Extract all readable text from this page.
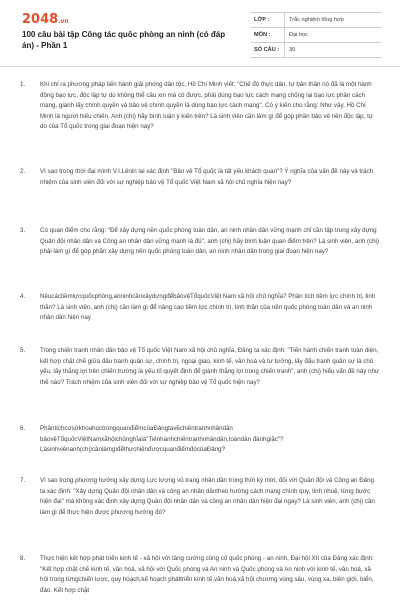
2048.vn
100 câu bài tập Công tác quốc phòng an ninh (có đáp án) - Phần 1
LỚP :	Trắc nghiệm tổng hợp
MÔN :	Đại học
SỐ CÂU :	30
1.	Khi chỉ ra phương pháp tiến hành giải phóng dân tộc, Hồ Chí Minh viết: "Chế độ thực dân, tự bản thân nó đã là một hành động bạo lực, độc lập tự do không thể cầu xin mà có được, phải dùng bạo lực cách mạng chống lại bạo lực phản cách mạng, giành lấy chính quyền và bảo vệ chính quyền là dùng bạo lực cách mạng". Có ý kiến cho rằng: Như vậy, Hồ Chí Minh là người hiếu chiến. Anh (chị) hãy bình luận ý kiến trên? Là sinh viên cần làm gì để góp phần bảo vệ nền độc lập, tự do của Tổ quốc trong giai đoạn hiện nay?
2.	Vì sao trong thời đại mình V.I.Lênin lại xác định "Bảo vệ Tổ quốc là tất yếu khách quan"? Ý nghĩa của vấn đề này và trách nhiệm của sinh viên đối với sự nghiệp bảo vệ Tổ quốc Việt Nam xã hội chủ nghĩa hiện nay?
3.	Có quan điểm cho rằng: "Để xây dựng nền quốc phòng toàn dân, an ninh nhân dân vững mạnh chỉ cần tập trung xây dựng Quân đội nhân dân và Công an nhân dân vững mạnh là đủ", anh (chị) hãy bình luận quan điểm trên? Là sinh viên, anh (chị) phải làm gì để góp phần xây dựng nền quốc phòng toàn dân, an ninh nhân dân trong giai đoạn hiện nay?
4.	Nêucáctiềmlựcquốcphòng,anninhcầnxâydựngđểbảovệTổquốcViệt Nam xã hội chủ nghĩa? Phân tích tiềm lực chính trị, tinh thần? Là sinh viên, anh (chị) cần làm gì để nâng cao tiềm lực chính trị, tinh thần của nền quốc phòng toàn dân và an ninh nhân dân hiện nay
5.	Trong chiến tranh nhân dân bảo vệ Tổ quốc Việt Nam xã hội chủ nghĩa, Đảng ta xác định: "Tiến hành chiến tranh toàn diện, kết hợp chặt chẽ giữa đấu tranh quân sự, chính trị, ngoại giao, kinh tế, văn hoá và tư tưởng, lấy đấu tranh quân sự là chủ yếu, lấy thắng lợi trên chiến trường là yếu tố quyết định để giành thắng lợi trong chiến tranh", anh (chị) hiểu vấn đề này như thế nào? Trách nhiệm của sinh viên đối với sự nghiệp bảo vệ Tổ quốc hiện nay?
6.	PhântíchcơsởkhoahọctrongquanđiểmcủaĐảngtavềchiếntranhnhândân bảovệTổquốcViệtNamxãhộichủnghĩalà"Tiếnhànhchiếntranhnhândân,toàndân đánhgiặc"? Làsinhviênanh(chị)cầnlàmgìđểthựchiệnđượcquanđiểmđócủaĐảng?
7.	Vì sao trong phương hướng xây dựng Lực lượng vũ trang nhân dân trong thời kỳ mới, đối với Quân đội và Công an Đảng ta xác định: "Xây dựng Quân đội nhân dân và công an nhân dântheo hướng cách mạng chính quy, tinh nhuệ, từng bước hiện đại" mà không xác định xây dựng Quân đội nhân dân và công an nhân dân hiện đại ngay? Là sinh viên, anh (chị) cần làm gì để thực hiện được phương hướng đó?
8.	Thực hiện kết hợp phát triển kinh tế - xã hội với tăng cường củng cố quốc phòng - an ninh, Đại hội XII của Đảng xác định: "Kết hợp chặt chẽ kinh tế, văn hoá, xã hội với Quốc phòng và An ninh và Quốc phòng và An ninh với kinh tế, văn hoá, xã hội trong từngchiến lược, quy hoạch,kế hoạch pháttriển kinh tế,văn hoá,xã hội chương vùng sâu, vùng xa, biên giới, biển, đảo. Kết hợp chặt
